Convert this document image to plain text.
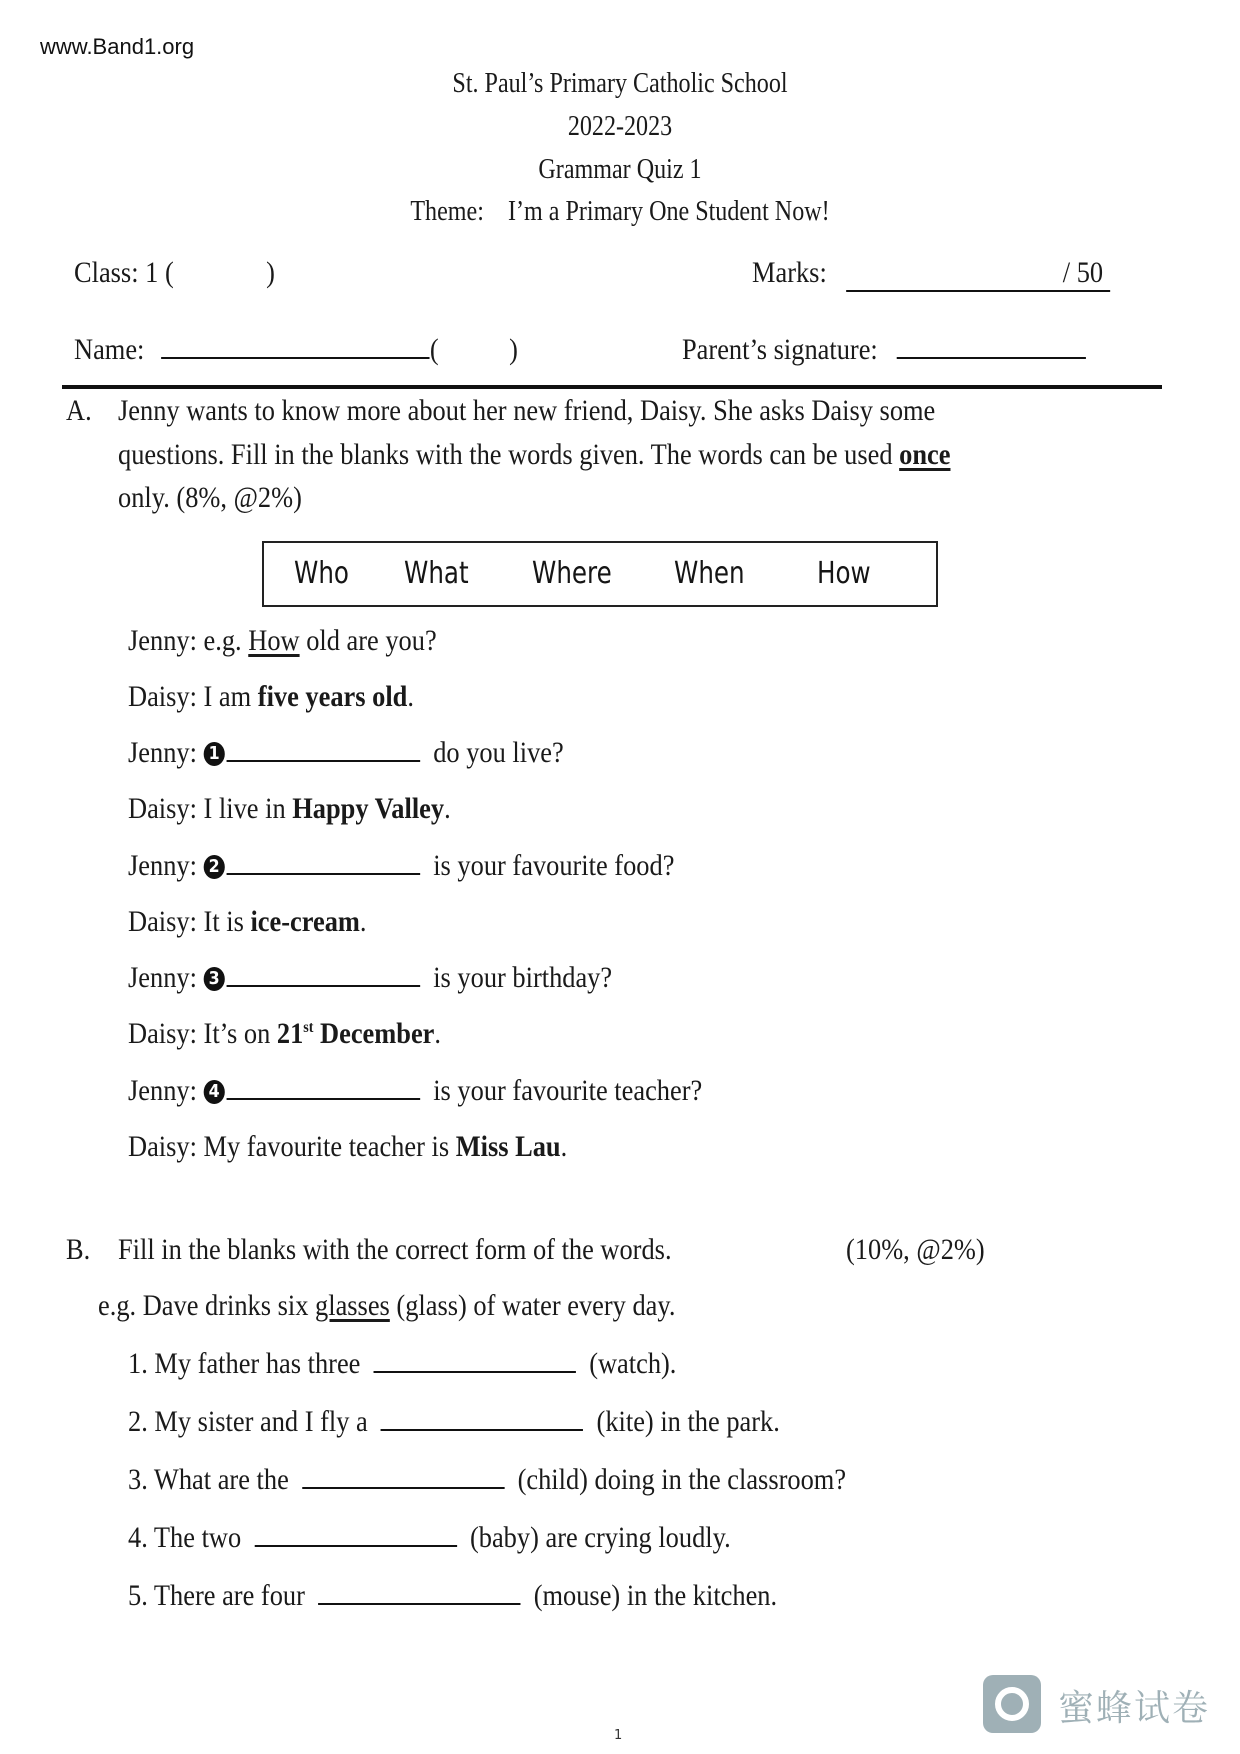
www.Band1.org
St. Paul’s Primary Catholic School
2022-2023
Grammar Quiz 1
Theme: I’m a Primary One Student Now!
Class: 1 (	)	Marks:	/ 50
Name:	( )	Parent’s signature:
A. Jenny wants to know more about her new friend, Daisy. She asks Daisy some
questions. Fill in the blanks with the words given. The words can be used once
only. (8%, @2%)
Who What Where When How
Jenny: e.g. How old are you?
Daisy: I am five years old.
Jenny: 1	do you live?
Daisy: I live in Happy Valley.
Jenny: 2	is your favourite food?
Daisy: It is ice-cream.
Jenny: 3	is your birthday?
Daisy: It’s on 21st December.
Jenny: 4	is your favourite teacher?
Daisy: My favourite teacher is Miss Lau.
B. Fill in the blanks with the correct form of the words.	(10%, @2%)
e.g. Dave drinks six glasses (glass) of water every day.
1. My father has three	(watch).
2. My sister and I fly a	(kite) in the park.
3. What are the	(child) doing in the classroom?
4. The two	(baby) are crying loudly.
5. There are four	(mouse) in the kitchen.
蜜蜂试卷
1
